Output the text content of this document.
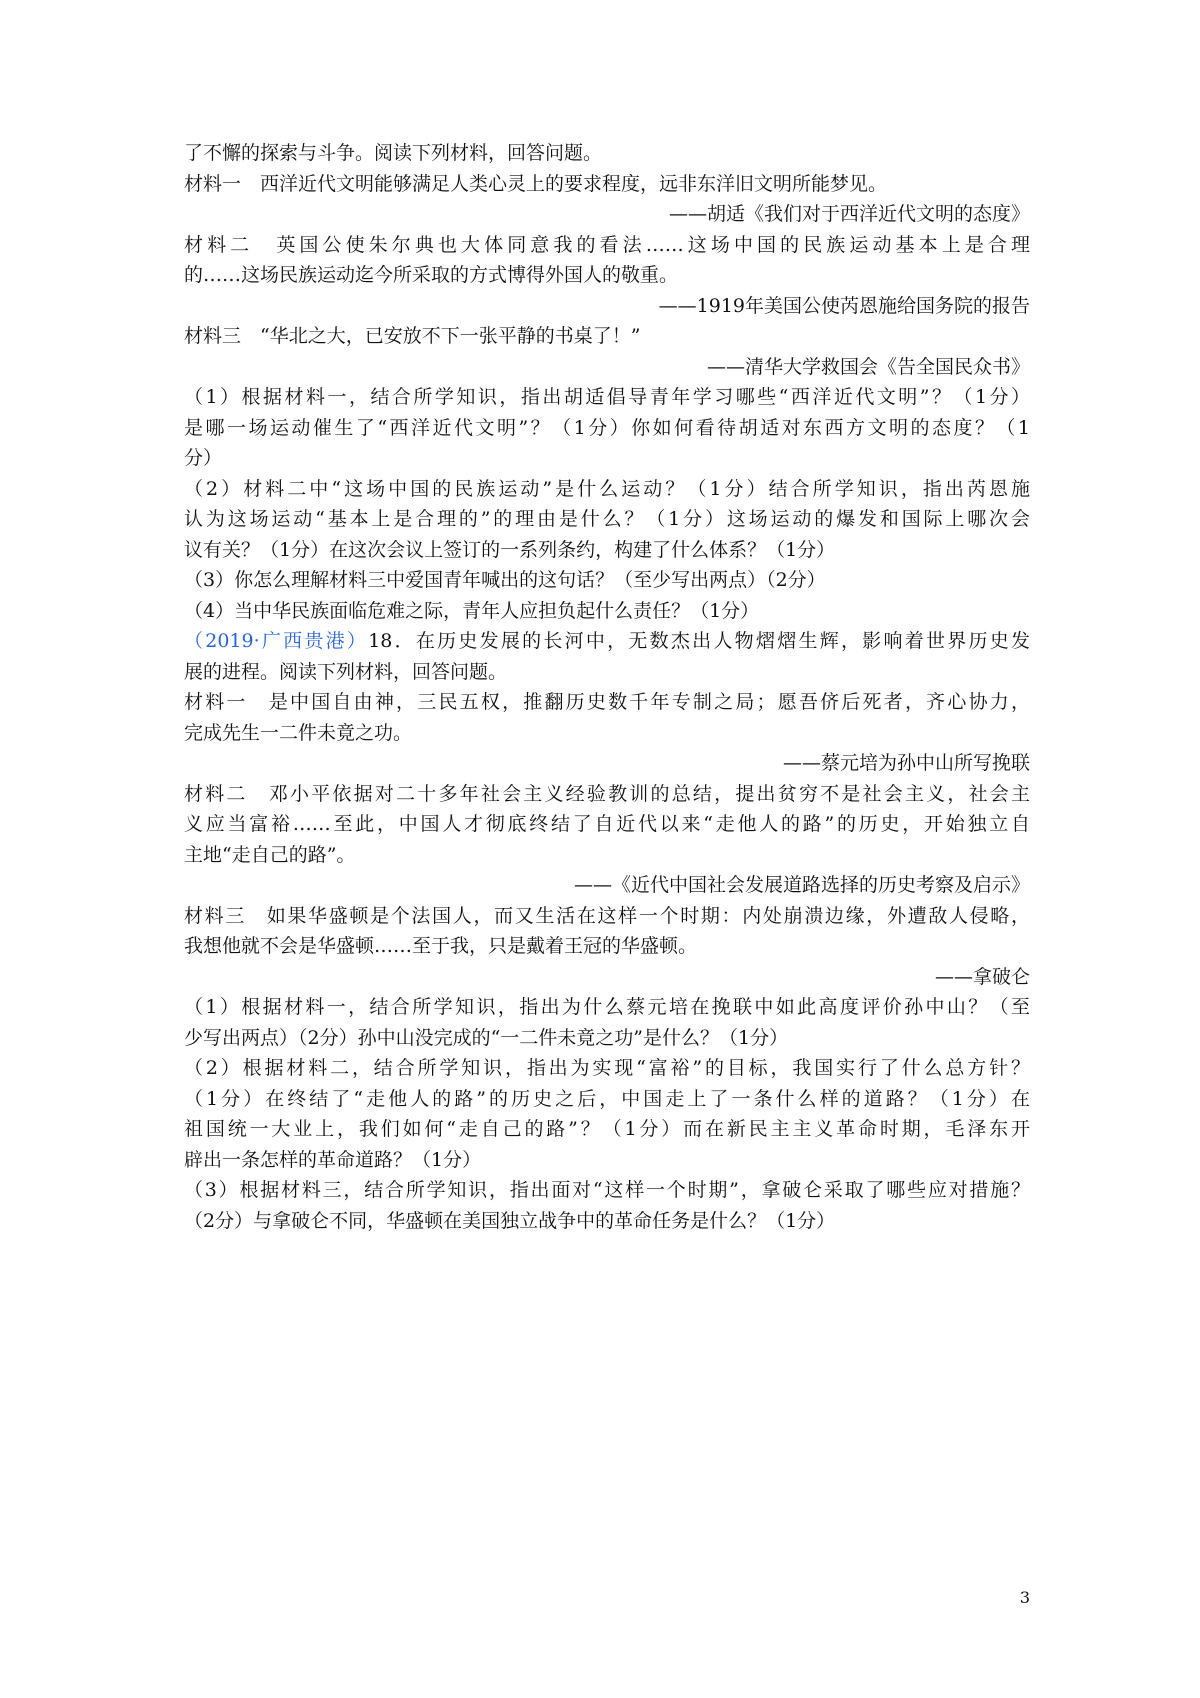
了不懈的探索与斗争。阅读下列材料，回答问题。
材料一　西洋近代文明能够满足人类心灵上的要求程度，远非东洋旧文明所能梦见。
——胡适《我们对于西洋近代文明的态度》
材料二　英国公使朱尔典也大体同意我的看法……这场中国的民族运动基本上是合理
的……这场民族运动迄今所采取的方式博得外国人的敬重。
——1919年美国公使芮恩施给国务院的报告
材料三　“华北之大，已安放不下一张平静的书桌了！”
——清华大学救国会《告全国民众书》
（1）根据材料一，结合所学知识，指出胡适倡导青年学习哪些“西洋近代文明”？（1分）
是哪一场运动催生了“西洋近代文明”？（1分）你如何看待胡适对东西方文明的态度？（1
分）
（2）材料二中“这场中国的民族运动”是什么运动？（1分）结合所学知识，指出芮恩施
认为这场运动“基本上是合理的”的理由是什么？（1分）这场运动的爆发和国际上哪次会
议有关？（1分）在这次会议上签订的一系列条约，构建了什么体系？（1分）
（3）你怎么理解材料三中爱国青年喊出的这句话？（至少写出两点）（2分）
（4）当中华民族面临危难之际，青年人应担负起什么责任？（1分）
（2019·广西贵港）18．在历史发展的长河中，无数杰出人物熠熠生辉，影响着世界历史发
展的进程。阅读下列材料，回答问题。
材料一　是中国自由神，三民五权，推翻历史数千年专制之局；愿吾侪后死者，齐心协力，
完成先生一二件未竟之功。
——蔡元培为孙中山所写挽联
材料二　邓小平依据对二十多年社会主义经验教训的总结，提出贫穷不是社会主义，社会主
义应当富裕……至此，中国人才彻底终结了自近代以来“走他人的路”的历史，开始独立自
主地“走自己的路”。
——《近代中国社会发展道路选择的历史考察及启示》
材料三　如果华盛顿是个法国人，而又生活在这样一个时期：内处崩溃边缘，外遭敌人侵略，
我想他就不会是华盛顿……至于我，只是戴着王冠的华盛顿。
——拿破仑
（1）根据材料一，结合所学知识，指出为什么蔡元培在挽联中如此高度评价孙中山？（至
少写出两点）（2分）孙中山没完成的“一二件未竟之功”是什么？（1分）
（2）根据材料二，结合所学知识，指出为实现“富裕”的目标，我国实行了什么总方针？
（1分）在终结了“走他人的路”的历史之后，中国走上了一条什么样的道路？（1分）在
祖国统一大业上，我们如何“走自己的路”？（1分）而在新民主主义革命时期，毛泽东开
辟出一条怎样的革命道路？（1分）
（3）根据材料三，结合所学知识，指出面对“这样一个时期”，拿破仑采取了哪些应对措施？
（2分）与拿破仑不同，华盛顿在美国独立战争中的革命任务是什么？（1分）
3
